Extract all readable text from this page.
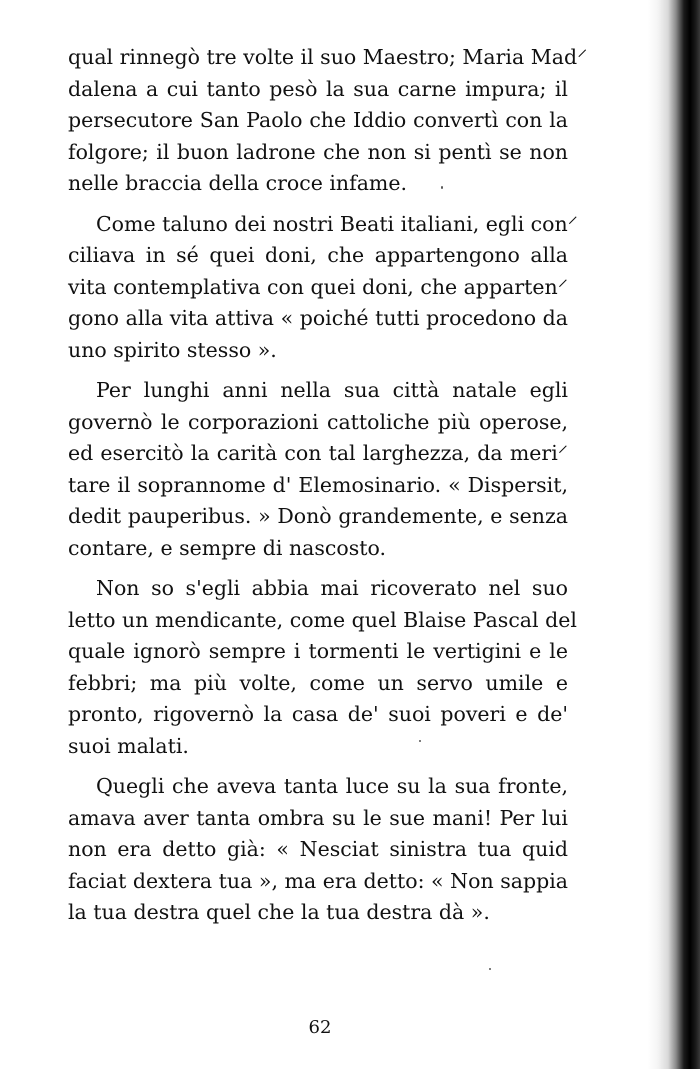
qual rinnegò tre volte il suo Maestro; Maria Mad⸍
dalena a cui tanto pesò la sua carne impura; il
persecutore San Paolo che Iddio convertì con la
folgore; il buon ladrone che non si pentì se non
nelle braccia della croce infame.
Come taluno dei nostri Beati italiani, egli con⸍
ciliava in sé quei doni, che appartengono alla
vita contemplativa con quei doni, che apparten⸍
gono alla vita attiva « poiché tutti procedono da
uno spirito stesso ».
Per lunghi anni nella sua città natale egli
governò le corporazioni cattoliche più operose,
ed esercitò la carità con tal larghezza, da meri⸍
tare il soprannome d' Elemosinario. « Dispersit,
dedit pauperibus. » Donò grandemente, e senza
contare, e sempre di nascosto.
Non so s'egli abbia mai ricoverato nel suo
letto un mendicante, come quel Blaise Pascal del
quale ignorò sempre i tormenti le vertigini e le
febbri; ma più volte, come un servo umile e
pronto, rigovernò la casa de' suoi poveri e de'
suoi malati.
Quegli che aveva tanta luce su la sua fronte,
amava aver tanta ombra su le sue mani! Per lui
non era detto già: « Nesciat sinistra tua quid
faciat dextera tua », ma era detto: « Non sappia
la tua destra quel che la tua destra dà ».
62
